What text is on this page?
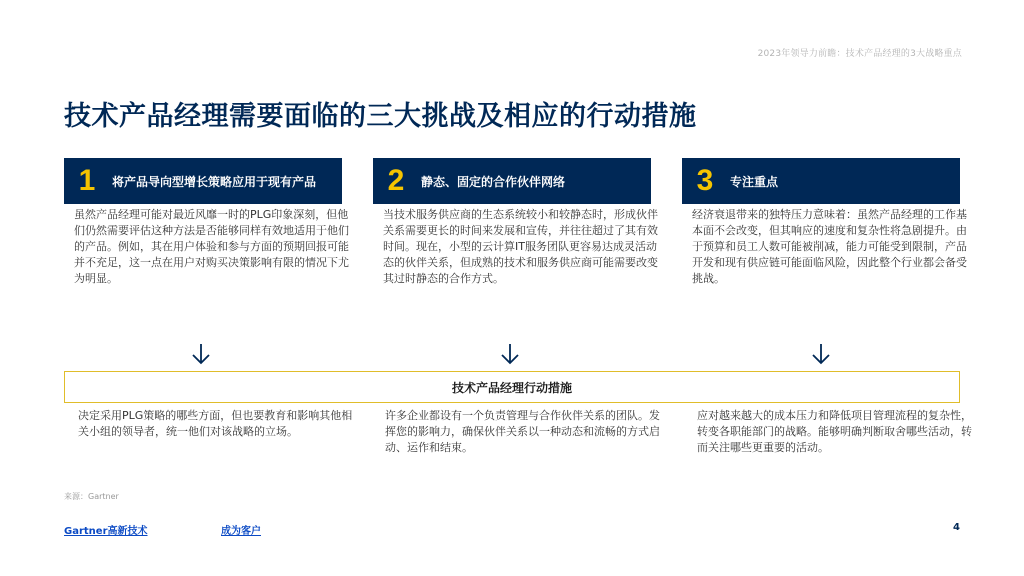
2023年领导力前瞻：技术产品经理的3大战略重点
技术产品经理需要面临的三大挑战及相应的行动措施
1	将产品导向型增长策略应用于现有产品	2	静态、固定的合作伙伴网络	3	专注重点

虽然产品经理可能对最近风靡一时的PLG印象深刻，但他们仍然需要评估这种方法是否能够同样有效地适用于他们的产品。例如，其在用户体验和参与方面的预期回报可能并不充足，这一点在用户对购买决策影响有限的情况下尤为明显。

当技术服务供应商的生态系统较小和较静态时，形成伙伴关系需要更长的时间来发展和宣传，并往往超过了其有效时间。现在，小型的云计算IT服务团队更容易达成灵活动态的伙伴关系，但成熟的技术和服务供应商可能需要改变其过时静态的合作方式。

经济衰退带来的独特压力意味着：虽然产品经理的工作基本面不会改变，但其响应的速度和复杂性将急剧提升。由于预算和员工人数可能被削减，能力可能受到限制，产品开发和现有供应链可能面临风险，因此整个行业都会备受挑战。

技术产品经理行动措施

决定采用PLG策略的哪些方面，但也要教育和影响其他相关小组的领导者，统一他们对该战略的立场。

许多企业都设有一个负责管理与合作伙伴关系的团队。发挥您的影响力，确保伙伴关系以一种动态和流畅的方式启动、运作和结束。

应对越来越大的成本压力和降低项目管理流程的复杂性，转变各职能部门的战略。能够明确判断取舍哪些活动，转而关注哪些更重要的活动。

来源：Gartner
Gartner高新技术	成为客户	4
